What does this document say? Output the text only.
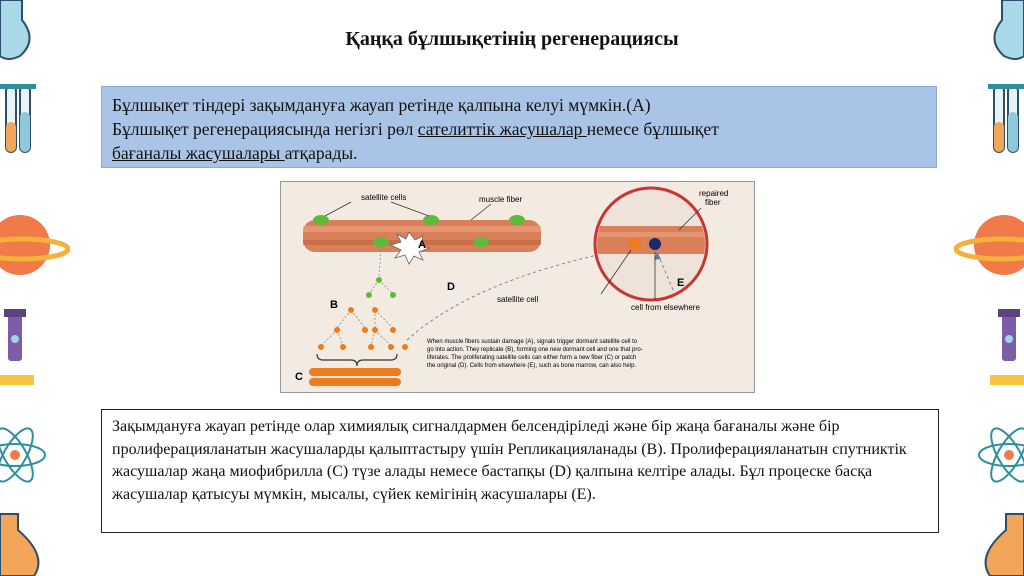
Қаңқа бұлшықетінің регенерациясы
Бұлшықет тіндері зақымдануға жауап ретінде қалпына келуі мүмкін.(А)
Бұлшықет регенерациясында негізгі рөл сателиттік жасушалар немесе бұлшықет
бағаналы жасушалары атқарады.
satellite cells	muscle fiber
A
B
C
D
repaired
fiber
satellite cell
E
cell from elsewhere
When muscle fibers sustain damage (A), signals trigger dormant satellite cell to
go into action. They replicate (B), forming one new dormant cell and one that pro-
liferates. The proliferating satellite cells can either form a new fiber (C) or patch
the original (D). Cells from elsewhere (E), such as bone marrow, can also help.
Зақымдануға жауап ретінде олар химиялық сигналдармен белсендіріледі және бір жаңа бағаналы және бір пролиферацияланатын жасушаларды қалыптастыру үшін Репликацияланады (В). Пролиферацияланатын спутниктік жасушалар жаңа миофибрилла (С) түзе алады немесе бастапқы (D) қалпына келтіре алады. Бұл процеске басқа жасушалар қатысуы мүмкін, мысалы, сүйек кемігінің жасушалары (Е).
